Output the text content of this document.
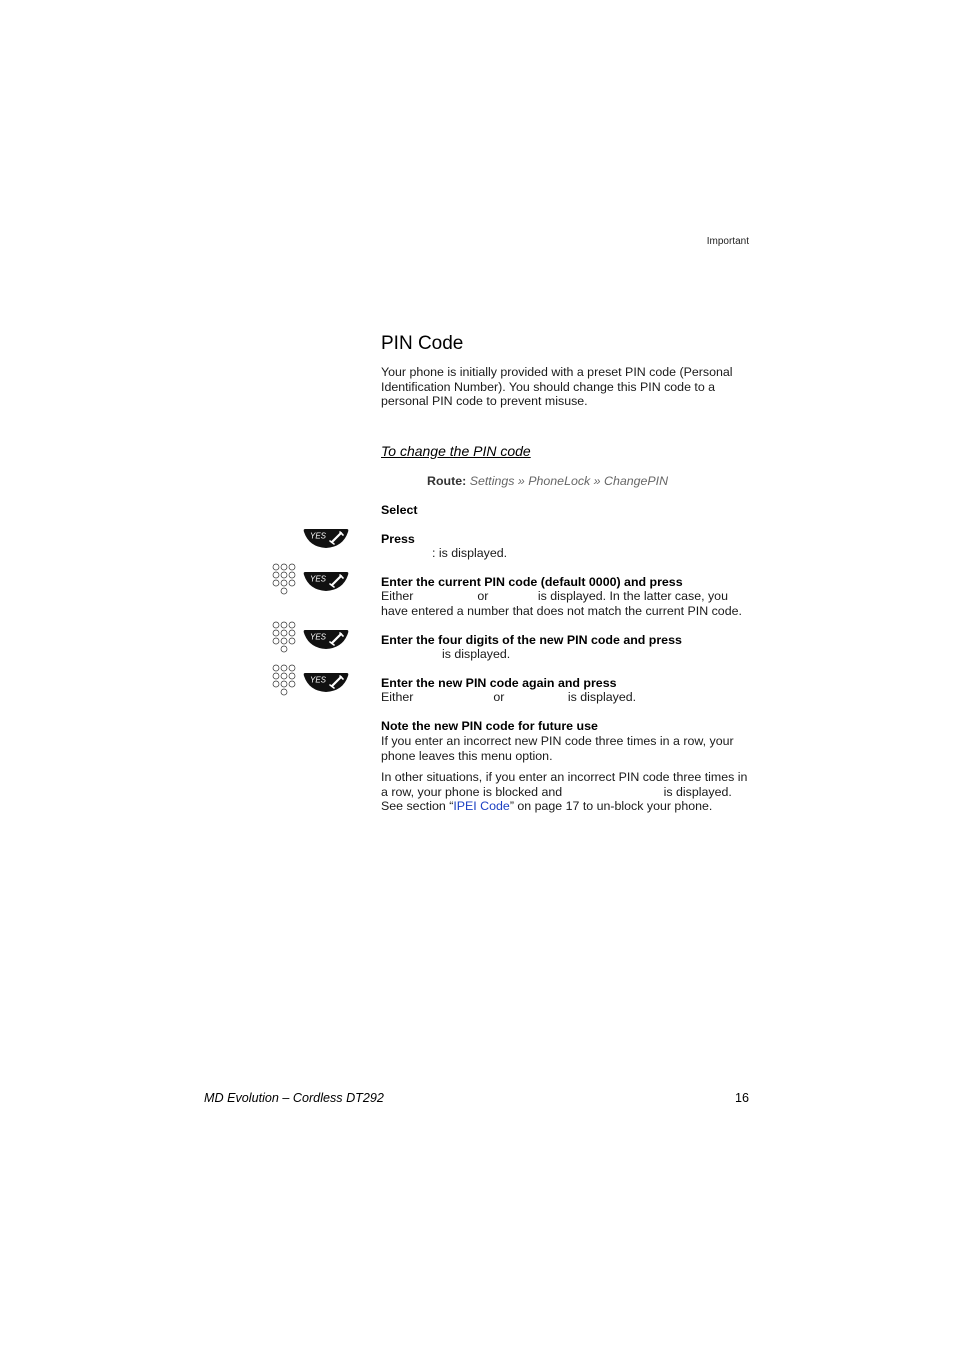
Important
PIN Code

Your phone is initially provided with a preset PIN code (Personal Identification Number). You should change this PIN code to a personal PIN code to prevent misuse.

To change the PIN code
Route: Settings » PhoneLock » ChangePIN
Select
YES	Press
: is displayed.
YES	Enter the current PIN code (default 0000) and press
Either	or	is displayed. In the latter case, you have entered a number that does not match the current PIN code.
YES	Enter the four digits of the new PIN code and press
is displayed.
YES	Enter the new PIN code again and press
Either	or	is displayed.
Note the new PIN code for future use
If you enter an incorrect new PIN code three times in a row, your phone leaves this menu option.
In other situations, if you enter an incorrect PIN code three times in a row, your phone is blocked and	is displayed. See section “IPEI Code” on page 17 to un-block your phone.
MD Evolution – Cordless DT292	16
